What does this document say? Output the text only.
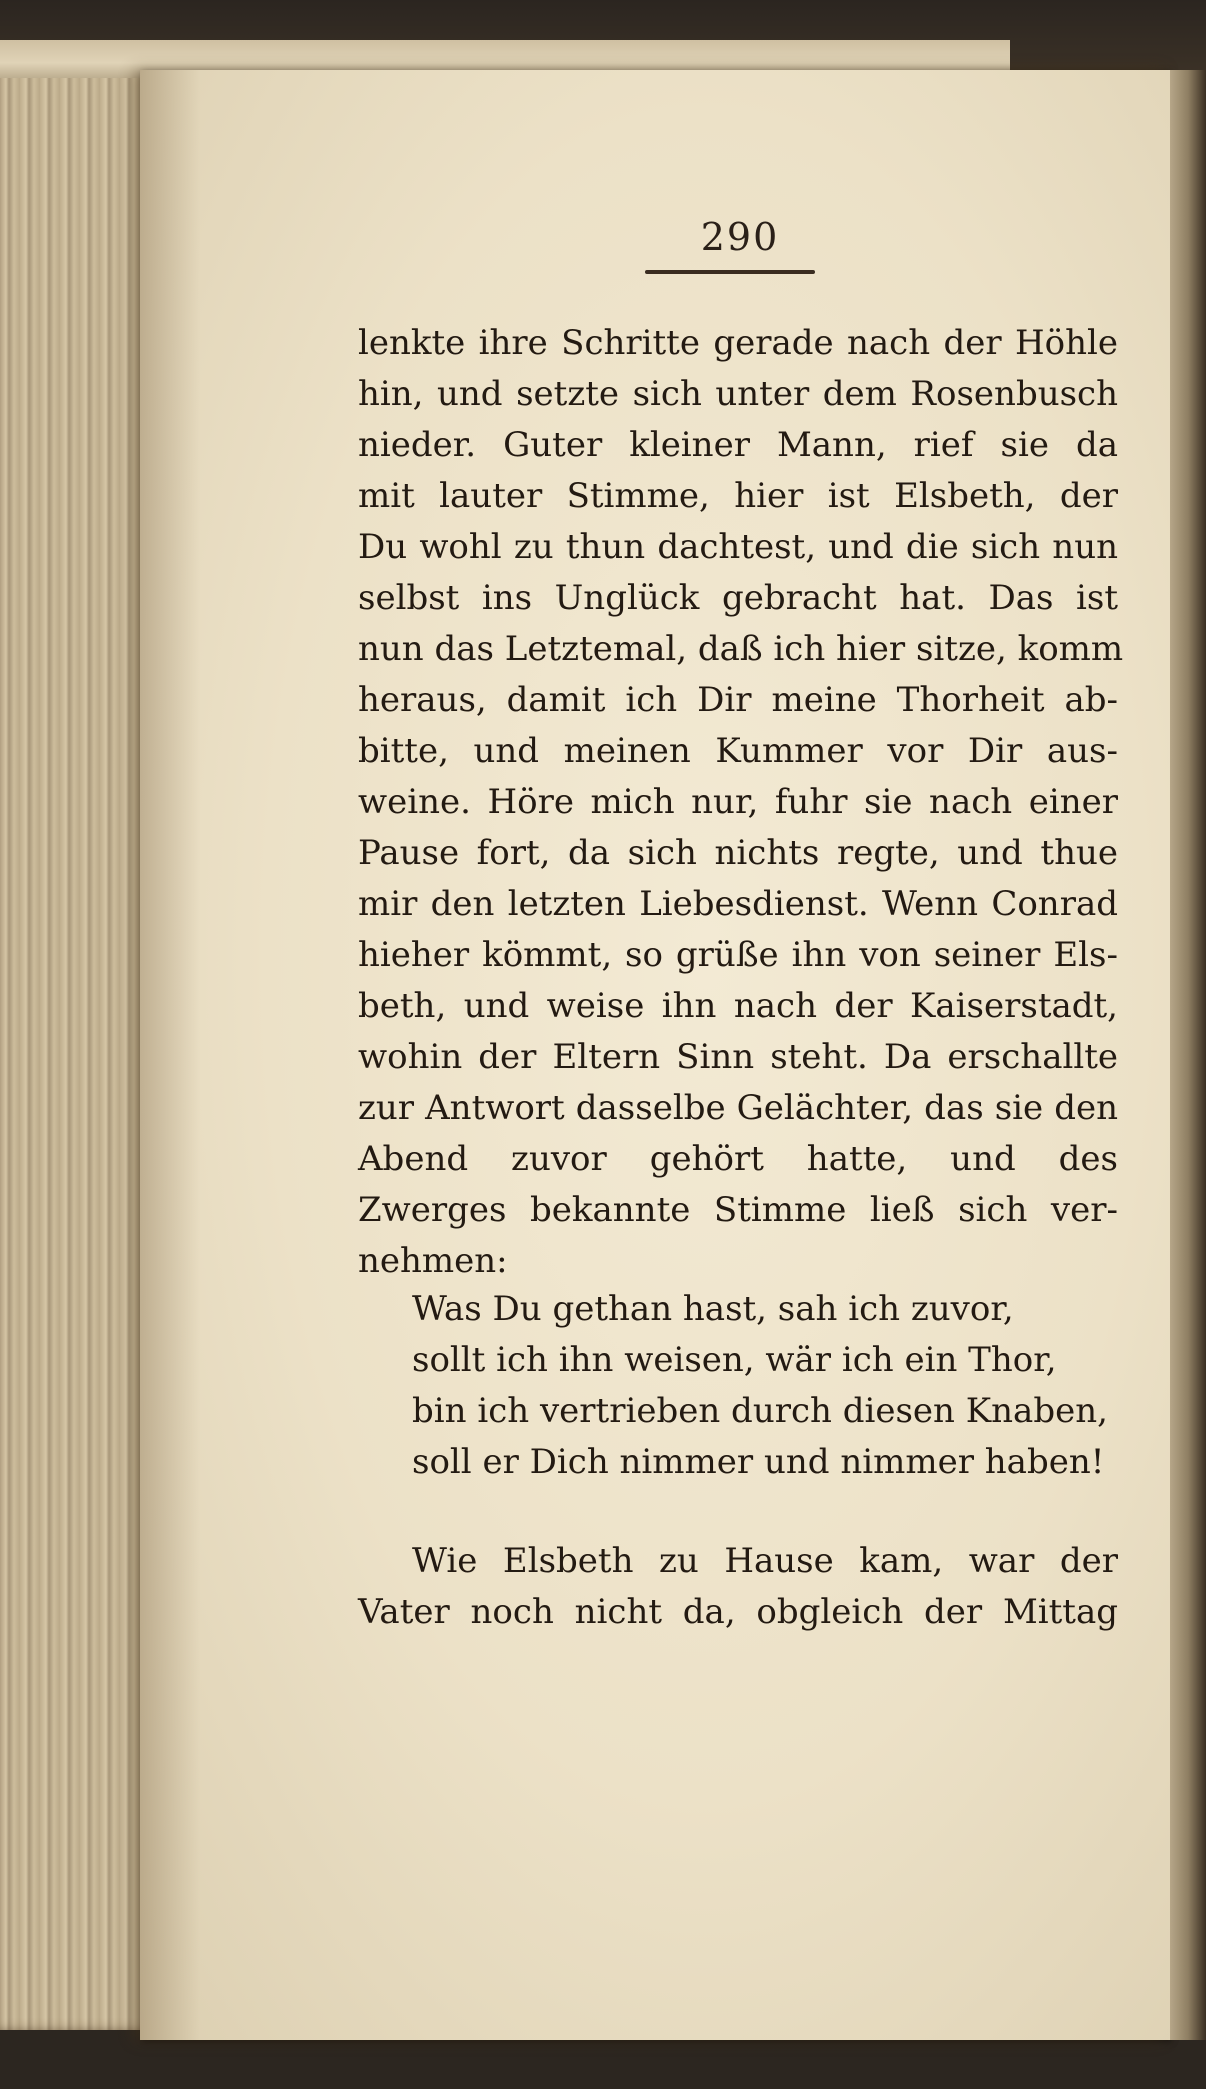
290
lenkte ihre Schritte gerade nach der Höhle
hin, und setzte sich unter dem Rosenbusch
nieder. Guter kleiner Mann, rief sie da
mit lauter Stimme, hier ist Elsbeth, der
Du wohl zu thun dachtest, und die sich nun
selbst ins Unglück gebracht hat. Das ist
nun das Letztemal, daß ich hier sitze, komm
heraus, damit ich Dir meine Thorheit ab-
bitte, und meinen Kummer vor Dir aus-
weine. Höre mich nur, fuhr sie nach einer
Pause fort, da sich nichts regte, und thue
mir den letzten Liebesdienst. Wenn Conrad
hieher kömmt, so grüße ihn von seiner Els-
beth, und weise ihn nach der Kaiserstadt,
wohin der Eltern Sinn steht. Da erschallte
zur Antwort dasselbe Gelächter, das sie den
Abend zuvor gehört hatte, und des
Zwerges bekannte Stimme ließ sich ver-
nehmen:
Was Du gethan hast, sah ich zuvor,
sollt ich ihn weisen, wär ich ein Thor,
bin ich vertrieben durch diesen Knaben,
soll er Dich nimmer und nimmer haben!
Wie Elsbeth zu Hause kam, war der
Vater noch nicht da, obgleich der Mittag
